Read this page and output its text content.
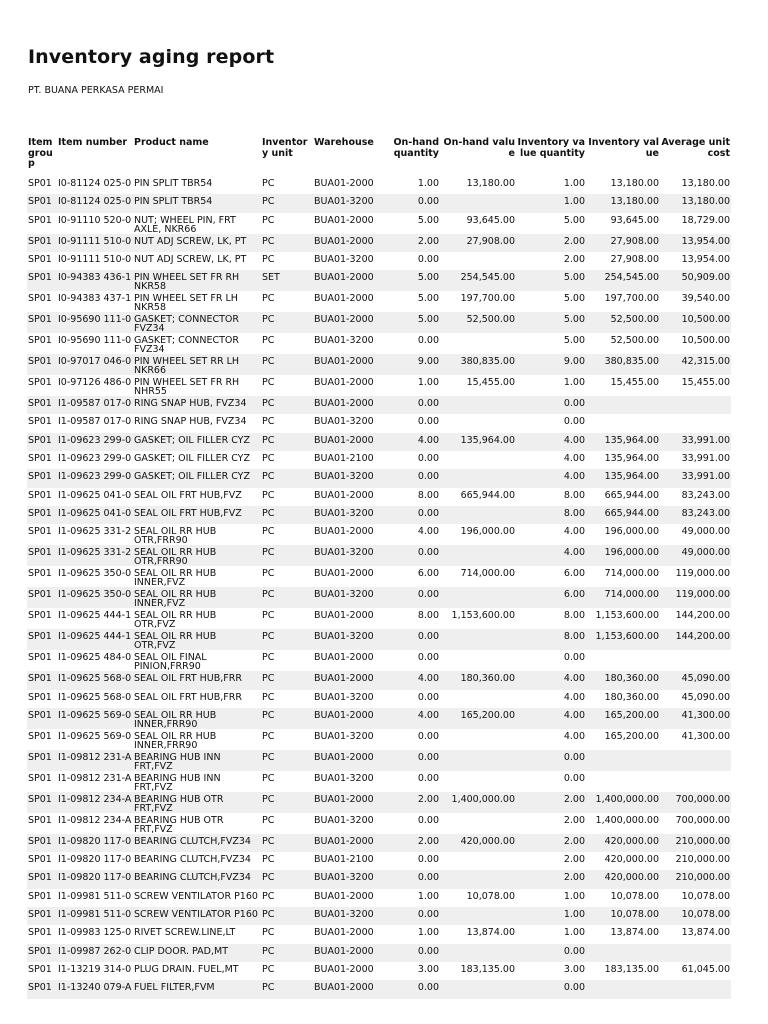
Inventory aging report
PT. BUANA PERKASA PERMAI
Item group	Item number	Product name	Inventory unit	Warehouse	On-hand quantity	On-hand value	Inventory value quantity	Inventory value	Average unit cost
SP01	I0-81124 025-0	PIN SPLIT TBR54	PC	BUA01-2000	1.00	13,180.00	1.00	13,180.00	13,180.00
SP01	I0-81124 025-0	PIN SPLIT TBR54	PC	BUA01-3200	0.00		1.00	13,180.00	13,180.00
SP01	I0-91110 520-0	NUT; WHEEL PIN, FRT AXLE, NKR66	PC	BUA01-2000	5.00	93,645.00	5.00	93,645.00	18,729.00
SP01	I0-91111 510-0	NUT ADJ SCREW, LK, PT	PC	BUA01-2000	2.00	27,908.00	2.00	27,908.00	13,954.00
SP01	I0-91111 510-0	NUT ADJ SCREW, LK, PT	PC	BUA01-3200	0.00		2.00	27,908.00	13,954.00
SP01	I0-94383 436-1	PIN WHEEL SET FR RH NKR58	SET	BUA01-2000	5.00	254,545.00	5.00	254,545.00	50,909.00
SP01	I0-94383 437-1	PIN WHEEL SET FR LH NKR58	PC	BUA01-2000	5.00	197,700.00	5.00	197,700.00	39,540.00
SP01	I0-95690 111-0	GASKET; CONNECTOR FVZ34	PC	BUA01-2000	5.00	52,500.00	5.00	52,500.00	10,500.00
SP01	I0-95690 111-0	GASKET; CONNECTOR FVZ34	PC	BUA01-3200	0.00		5.00	52,500.00	10,500.00
SP01	I0-97017 046-0	PIN WHEEL SET RR LH NKR66	PC	BUA01-2000	9.00	380,835.00	9.00	380,835.00	42,315.00
SP01	I0-97126 486-0	PIN WHEEL SET FR RH NHR55	PC	BUA01-2000	1.00	15,455.00	1.00	15,455.00	15,455.00
SP01	I1-09587 017-0	RING SNAP HUB, FVZ34	PC	BUA01-2000	0.00		0.00		
SP01	I1-09587 017-0	RING SNAP HUB, FVZ34	PC	BUA01-3200	0.00		0.00		
SP01	I1-09623 299-0	GASKET; OIL FILLER CYZ	PC	BUA01-2000	4.00	135,964.00	4.00	135,964.00	33,991.00
SP01	I1-09623 299-0	GASKET; OIL FILLER CYZ	PC	BUA01-2100	0.00		4.00	135,964.00	33,991.00
SP01	I1-09623 299-0	GASKET; OIL FILLER CYZ	PC	BUA01-3200	0.00		4.00	135,964.00	33,991.00
SP01	I1-09625 041-0	SEAL OIL FRT HUB,FVZ	PC	BUA01-2000	8.00	665,944.00	8.00	665,944.00	83,243.00
SP01	I1-09625 041-0	SEAL OIL FRT HUB,FVZ	PC	BUA01-3200	0.00		8.00	665,944.00	83,243.00
SP01	I1-09625 331-2	SEAL OIL RR HUB OTR,FRR90	PC	BUA01-2000	4.00	196,000.00	4.00	196,000.00	49,000.00
SP01	I1-09625 331-2	SEAL OIL RR HUB OTR,FRR90	PC	BUA01-3200	0.00		4.00	196,000.00	49,000.00
SP01	I1-09625 350-0	SEAL OIL RR HUB INNER,FVZ	PC	BUA01-2000	6.00	714,000.00	6.00	714,000.00	119,000.00
SP01	I1-09625 350-0	SEAL OIL RR HUB INNER,FVZ	PC	BUA01-3200	0.00		6.00	714,000.00	119,000.00
SP01	I1-09625 444-1	SEAL OIL RR HUB OTR,FVZ	PC	BUA01-2000	8.00	1,153,600.00	8.00	1,153,600.00	144,200.00
SP01	I1-09625 444-1	SEAL OIL RR HUB OTR,FVZ	PC	BUA01-3200	0.00		8.00	1,153,600.00	144,200.00
SP01	I1-09625 484-0	SEAL OIL FINAL PINION,FRR90	PC	BUA01-2000	0.00		0.00		
SP01	I1-09625 568-0	SEAL OIL FRT HUB,FRR	PC	BUA01-2000	4.00	180,360.00	4.00	180,360.00	45,090.00
SP01	I1-09625 568-0	SEAL OIL FRT HUB,FRR	PC	BUA01-3200	0.00		4.00	180,360.00	45,090.00
SP01	I1-09625 569-0	SEAL OIL RR HUB INNER,FRR90	PC	BUA01-2000	4.00	165,200.00	4.00	165,200.00	41,300.00
SP01	I1-09625 569-0	SEAL OIL RR HUB INNER,FRR90	PC	BUA01-3200	0.00		4.00	165,200.00	41,300.00
SP01	I1-09812 231-A	BEARING HUB INN FRT,FVZ	PC	BUA01-2000	0.00		0.00		
SP01	I1-09812 231-A	BEARING HUB INN FRT,FVZ	PC	BUA01-3200	0.00		0.00		
SP01	I1-09812 234-A	BEARING HUB OTR FRT,FVZ	PC	BUA01-2000	2.00	1,400,000.00	2.00	1,400,000.00	700,000.00
SP01	I1-09812 234-A	BEARING HUB OTR FRT,FVZ	PC	BUA01-3200	0.00		2.00	1,400,000.00	700,000.00
SP01	I1-09820 117-0	BEARING CLUTCH,FVZ34	PC	BUA01-2000	2.00	420,000.00	2.00	420,000.00	210,000.00
SP01	I1-09820 117-0	BEARING CLUTCH,FVZ34	PC	BUA01-2100	0.00		2.00	420,000.00	210,000.00
SP01	I1-09820 117-0	BEARING CLUTCH,FVZ34	PC	BUA01-3200	0.00		2.00	420,000.00	210,000.00
SP01	I1-09981 511-0	SCREW VENTILATOR P160	PC	BUA01-2000	1.00	10,078.00	1.00	10,078.00	10,078.00
SP01	I1-09981 511-0	SCREW VENTILATOR P160	PC	BUA01-3200	0.00		1.00	10,078.00	10,078.00
SP01	I1-09983 125-0	RIVET SCREW.LINE,LT	PC	BUA01-2000	1.00	13,874.00	1.00	13,874.00	13,874.00
SP01	I1-09987 262-0	CLIP DOOR. PAD,MT	PC	BUA01-2000	0.00		0.00		
SP01	I1-13219 314-0	PLUG DRAIN. FUEL,MT	PC	BUA01-2000	3.00	183,135.00	3.00	183,135.00	61,045.00
SP01	I1-13240 079-A	FUEL FILTER,FVM	PC	BUA01-2000	0.00		0.00		
